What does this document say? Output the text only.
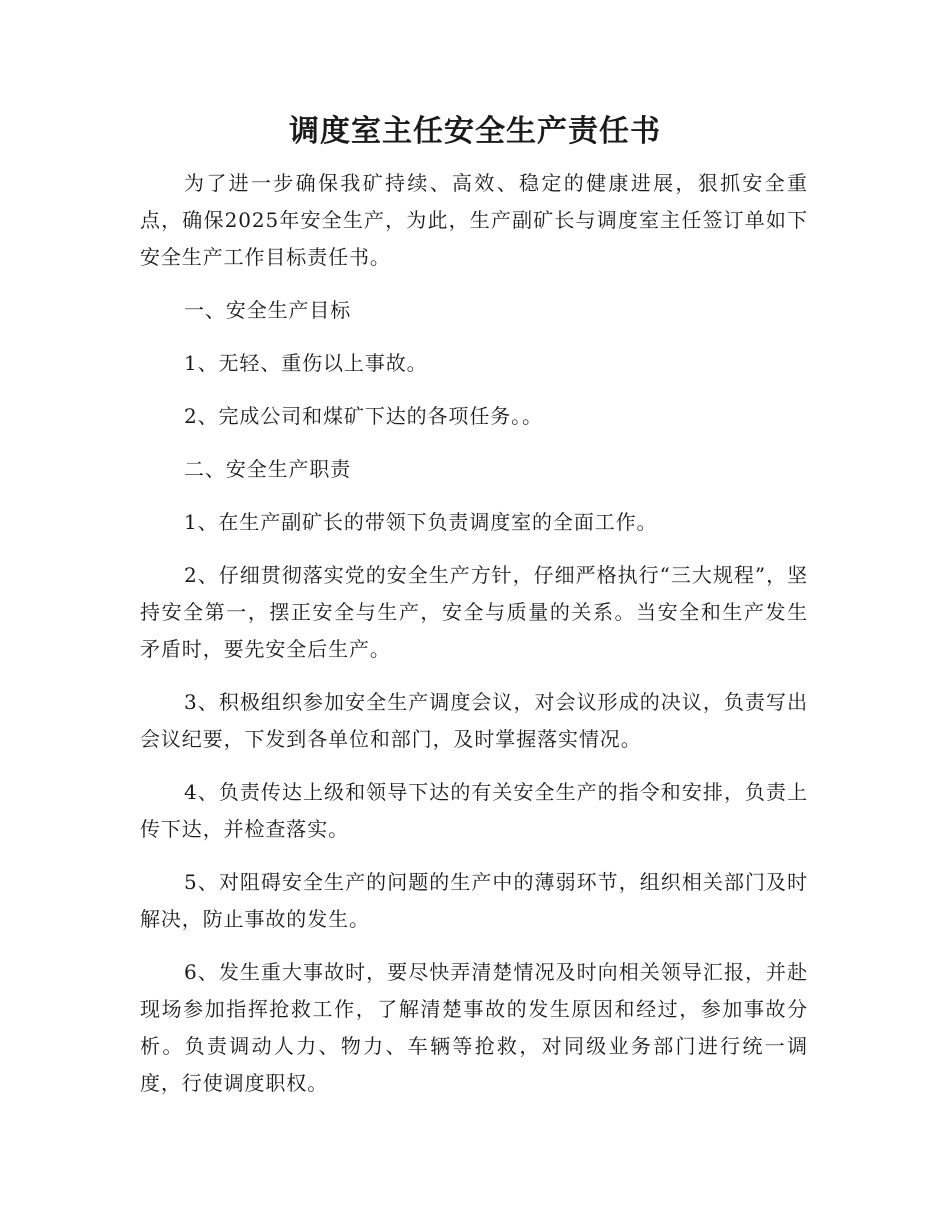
调度室主任安全生产责任书

为了进一步确保我矿持续、高效、稳定的健康进展，狠抓安全重点，确保2025年安全生产，为此，生产副矿长与调度室主任签订单如下安全生产工作目标责任书。

一、安全生产目标

1、无轻、重伤以上事故。

2、完成公司和煤矿下达的各项任务。。

二、安全生产职责

1、在生产副矿长的带领下负责调度室的全面工作。

2、仔细贯彻落实党的安全生产方针，仔细严格执行“三大规程”，坚持安全第一，摆正安全与生产，安全与质量的关系。当安全和生产发生矛盾时，要先安全后生产。

3、积极组织参加安全生产调度会议，对会议形成的决议，负责写出会议纪要，下发到各单位和部门，及时掌握落实情况。

4、负责传达上级和领导下达的有关安全生产的指令和安排，负责上传下达，并检查落实。

5、对阻碍安全生产的问题的生产中的薄弱环节，组织相关部门及时解决，防止事故的发生。

6、发生重大事故时，要尽快弄清楚情况及时向相关领导汇报，并赴现场参加指挥抢救工作，了解清楚事故的发生原因和经过，参加事故分析。负责调动人力、物力、车辆等抢救，对同级业务部门进行统一调度，行使调度职权。
